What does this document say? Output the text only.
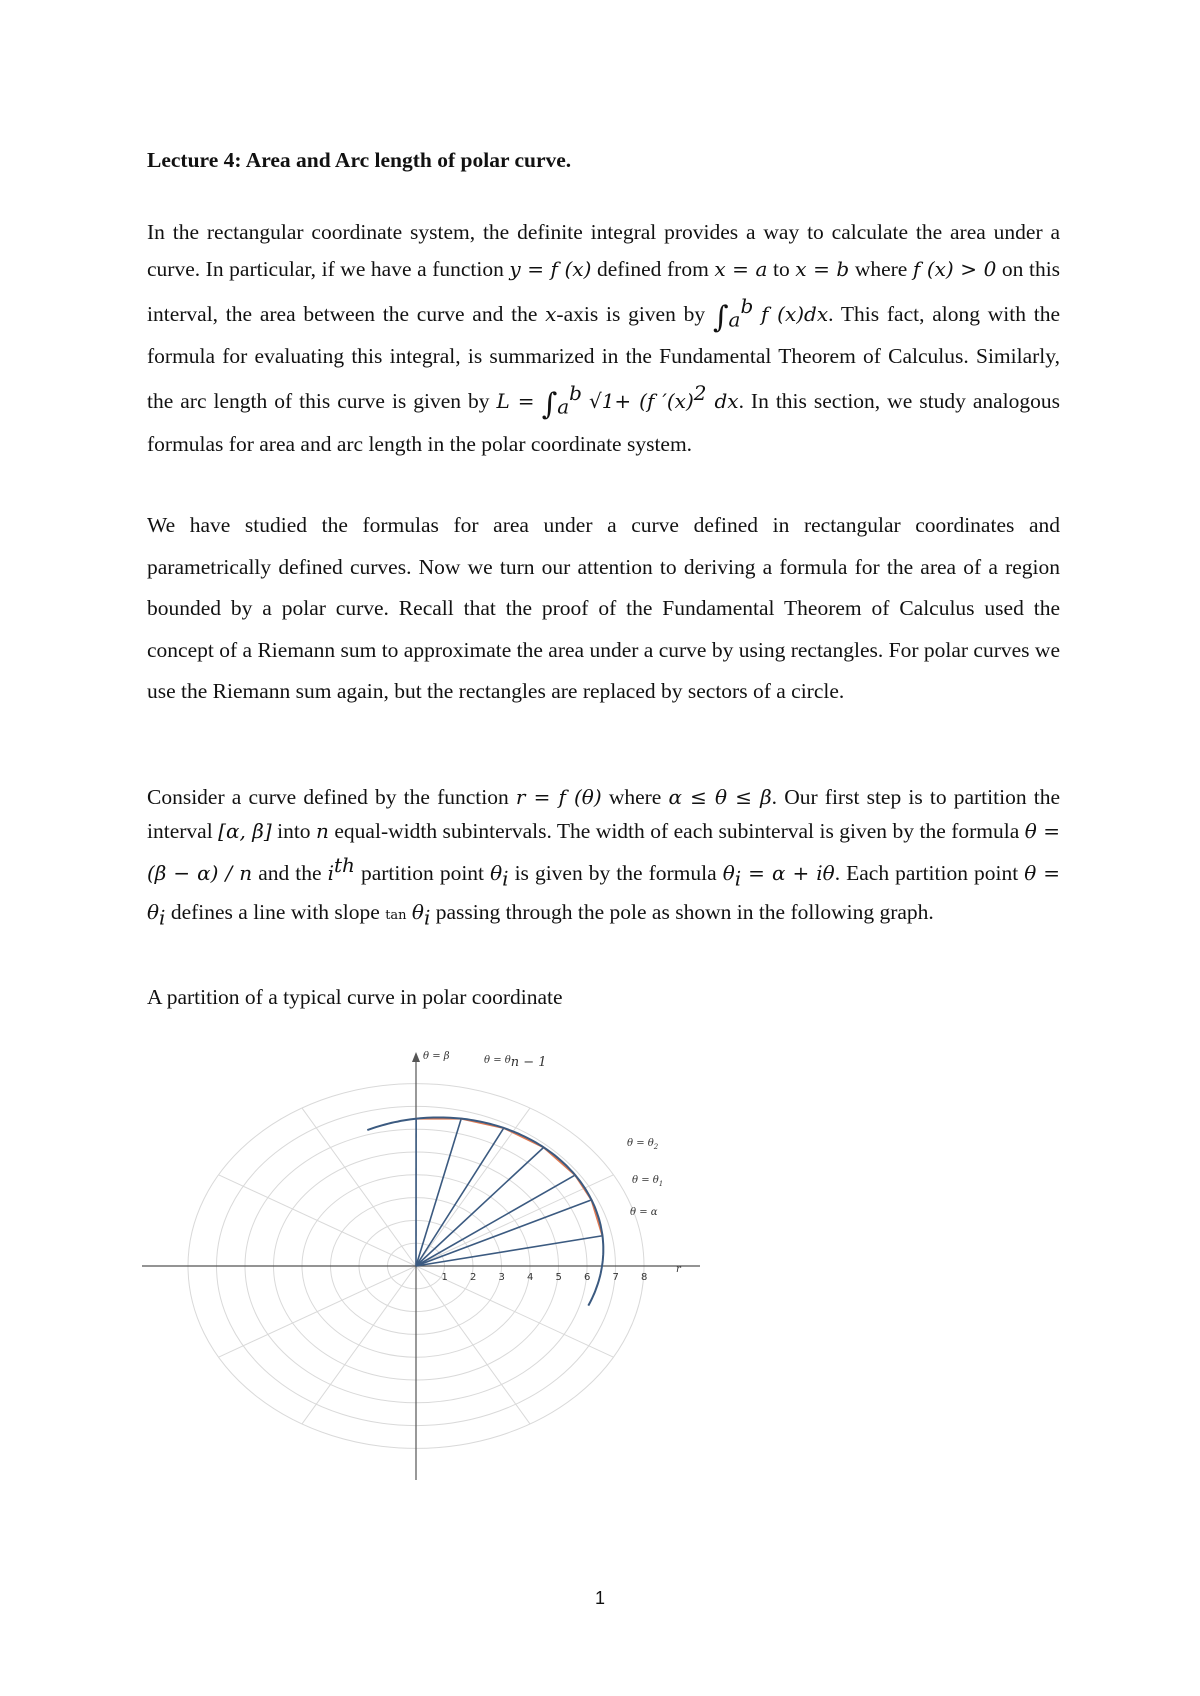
Lecture 4: Area and Arc length of polar curve.
In the rectangular coordinate system, the definite integral provides a way to calculate the area under a curve. In particular, if we have a function y = f (x) defined from x = a to x = b where f (x) > 0 on this interval, the area between the curve and the x-axis is given by $\int_a^b$ f (x)dx. This fact, along with the formula for evaluating this integral, is summarized in the Fundamental Theorem of Calculus. Similarly, the arc length of this curve is given by $L = \int_a^b$ √1+ (f $'(x)^2$ dx. In this section, we study analogous formulas for area and arc length in the polar coordinate system.
We have studied the formulas for area under a curve defined in rectangular coordinates and parametrically defined curves. Now we turn our attention to deriving a formula for the area of a region bounded by a polar curve. Recall that the proof of the Fundamental Theorem of Calculus used the concept of a Riemann sum to approximate the area under a curve by using rectangles. For polar curves we use the Riemann sum again, but the rectangles are replaced by sectors of a circle.
Consider a curve defined by the function r = f (θ) where α ≤ θ ≤ β. Our first step is to partition the interval [α, β] into n equal-width subintervals. The width of each subinterval is given by the formula θ = (β − α) / n and the $i^{th}$ partition point $\theta_i$ is given by the formula $\theta_i = \alpha + i\theta$. Each partition point $\theta = \theta_i$ defines a line with slope $\tan \theta_i$ passing through the pole as shown in the following graph.
A partition of a typical curve in polar coordinate
1 2 3 4 5 6 7 8
r
θ = β	θ = θn − 1
$\theta = \theta_2$
$\theta = \theta_1$
θ = α
1
